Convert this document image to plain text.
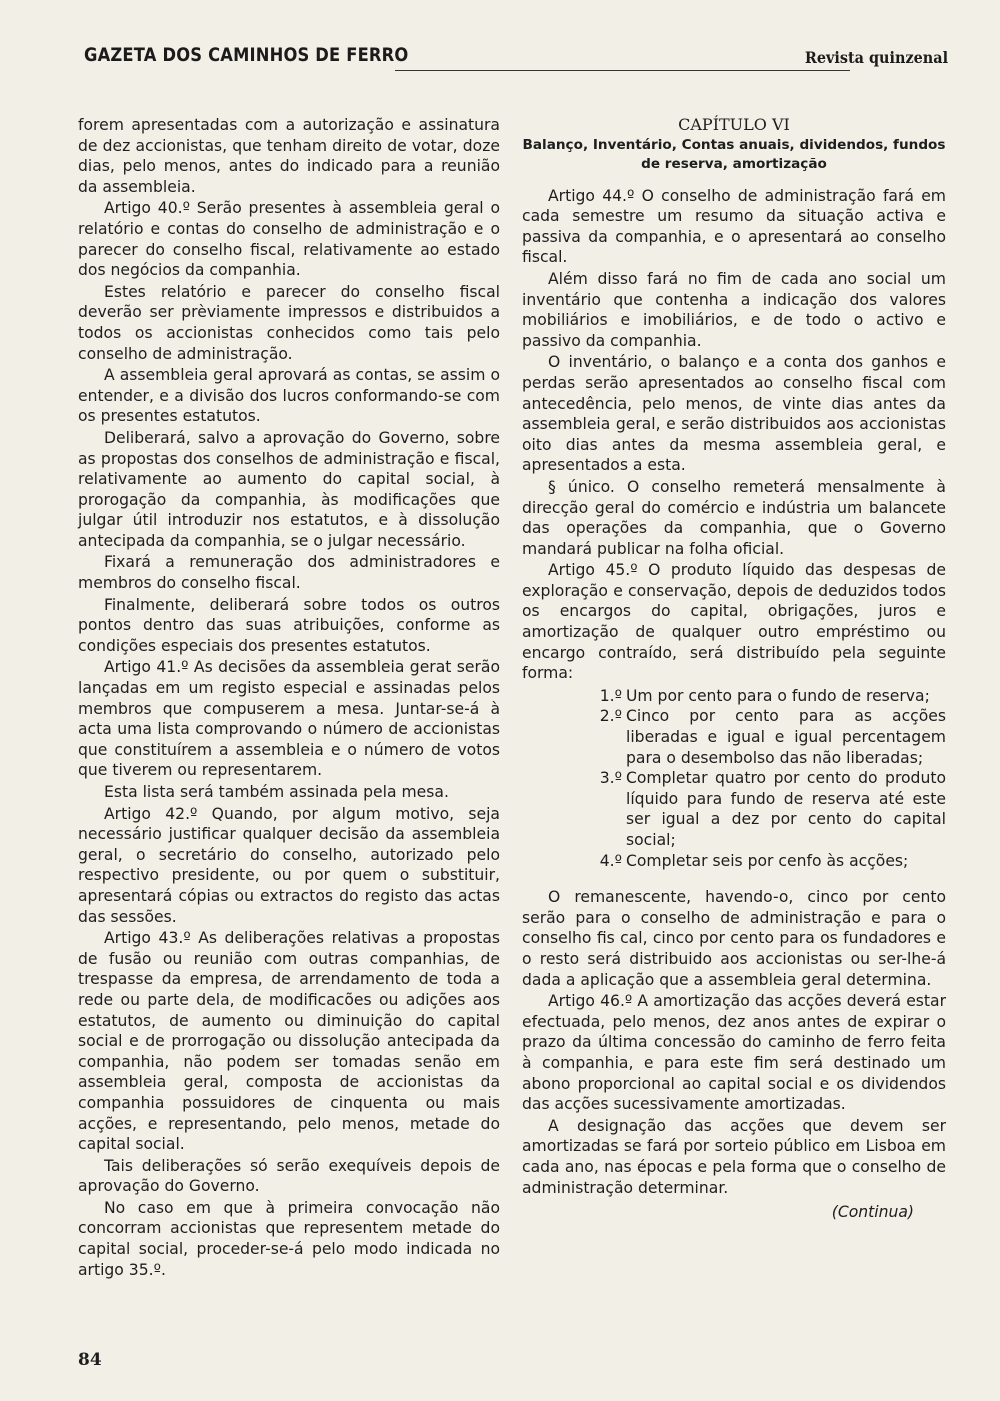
GAZETA DOS CAMINHOS DE FERRO	Revista quinzenal

forem apresentadas com a autorização e assinatura de dez accionistas, que tenham direito de votar, doze dias, pelo menos, antes do indicado para a reunião da assembleia.

Artigo 40.º Serão presentes à assembleia geral o relatório e contas do conselho de administração e o parecer do conselho fiscal, relativamente ao estado dos negócios da companhia.

Estes relatório e parecer do conselho fiscal deverão ser prèviamente impressos e distribuidos a todos os accionistas conhecidos como tais pelo conselho de administração.

A assembleia geral aprovará as contas, se assim o entender, e a divisão dos lucros conformando-se com os presentes estatutos.

Deliberará, salvo a aprovação do Governo, sobre as propostas dos conselhos de administração e fiscal, relativamente ao aumento do capital social, à prorogação da companhia, às modificações que julgar útil introduzir nos estatutos, e à dissolução antecipada da companhia, se o julgar necessário.

Fixará a remuneração dos administradores e membros do conselho fiscal.

Finalmente, deliberará sobre todos os outros pontos dentro das suas atribuições, conforme as condições especiais dos presentes estatutos.

Artigo 41.º As decisões da assembleia gerat serão lançadas em um registo especial e assinadas pelos membros que compuserem a mesa. Juntar-se-á à acta uma lista comprovando o número de accionistas que constituírem a assembleia e o número de votos que tiverem ou representarem.

Esta lista será também assinada pela mesa.

Artigo 42.º Quando, por algum motivo, seja necessário justificar qualquer decisão da assembleia geral, o secretário do conselho, autorizado pelo respectivo presidente, ou por quem o substituir, apresentará cópias ou extractos do registo das actas das sessões.

Artigo 43.º As deliberações relativas a propostas de fusão ou reunião com outras companhias, de trespasse da empresa, de arrendamento de toda a rede ou parte dela, de modificacões ou adições aos estatutos, de aumento ou diminuição do capital social e de prorrogação ou dissolução antecipada da companhia, não podem ser tomadas senão em assembleia geral, composta de accionistas da companhia possuidores de cinquenta ou mais acções, e representando, pelo menos, metade do capital social.

Tais deliberações só serão exequíveis depois de aprovação do Governo.

No caso em que à primeira convocação não concorram accionistas que representem metade do capital social, proceder-se-á pelo modo indicada no artigo 35.º.

CAPÍTULO VI

Balanço, Inventário, Contas anuais, dividendos, fundos de reserva, amortização

Artigo 44.º O conselho de administração fará em cada semestre um resumo da situação activa e passiva da companhia, e o apresentará ao conselho fiscal.

Além disso fará no fim de cada ano social um inventário que contenha a indicação dos valores mobiliários e imobiliários, e de todo o activo e passivo da companhia.

O inventário, o balanço e a conta dos ganhos e perdas serão apresentados ao conselho fiscal com antecedência, pelo menos, de vinte dias antes da assembleia geral, e serão distribuidos aos accionistas oito dias antes da mesma assembleia geral, e apresentados a esta.

§ único. O conselho remeterá mensalmente à direcção geral do comércio e indústria um balancete das operações da companhia, que o Governo mandará publicar na folha oficial.

Artigo 45.º O produto líquido das despesas de exploração e conservação, depois de deduzidos todos os encargos do capital, obrigações, juros e amortização de qualquer outro empréstimo ou encargo contraído, será distribuído pela seguinte forma:

1.º Um por cento para o fundo de reserva;
2.º Cinco por cento para as acções liberadas e igual e igual percentagem para o desembolso das não liberadas;
3.º Completar quatro por cento do produto líquido para fundo de reserva até este ser igual a dez por cento do capital social;
4.º Completar seis por cenfo às acções;

O remanescente, havendo-o, cinco por cento serão para o conselho de administração e para o conselho fis cal, cinco por cento para os fundadores e o resto será distribuido aos accionistas ou ser-lhe-á dada a aplicação que a assembleia geral determina.

Artigo 46.º A amortização das acções deverá estar efectuada, pelo menos, dez anos antes de expirar o prazo da última concessão do caminho de ferro feita à companhia, e para este fim será destinado um abono proporcional ao capital social e os dividendos das acções sucessivamente amortizadas.

A designação das acções que devem ser amortizadas se fará por sorteio público em Lisboa em cada ano, nas épocas e pela forma que o conselho de administração determinar.

(Continua)

84
